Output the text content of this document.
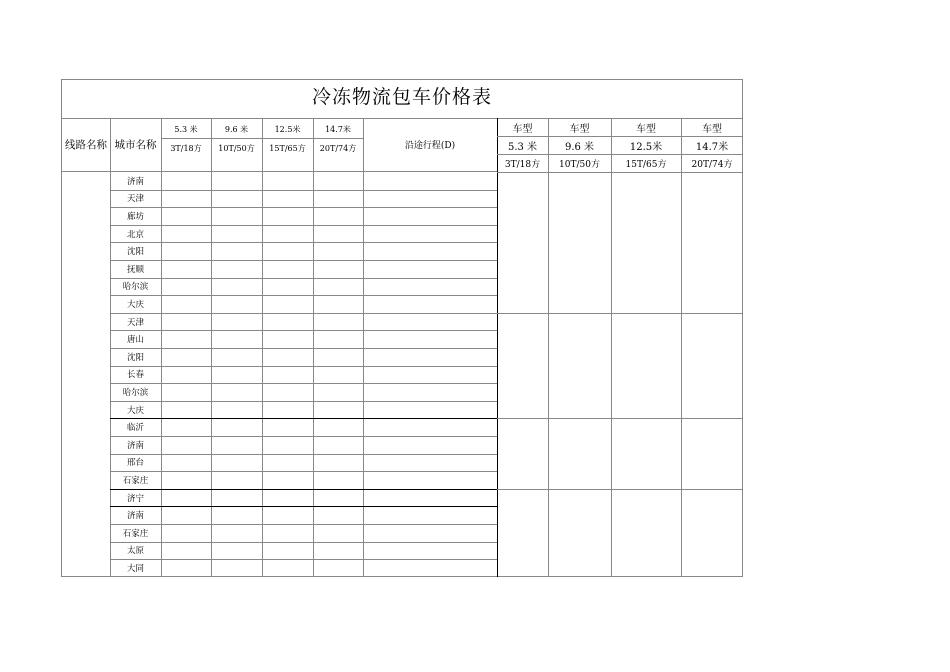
冷冻物流包车价格表
线路名称 城市名称	沿途行程(D)
5.3 米
3T/18方
9.6 米
10T/50方
12.5米
15T/65方
14.7米
20T/74方
车型
5.3 米
3T/18方
车型
9.6 米
10T/50方
车型
12.5米
15T/65方
车型
14.7米
20T/74方
济南
天津
廊坊
北京
沈阳
抚顺
哈尔滨
大庆
天津
唐山
沈阳
长春
哈尔滨
大庆
临沂
济南
邢台
石家庄
济宁
济南
石家庄
太原
大同
